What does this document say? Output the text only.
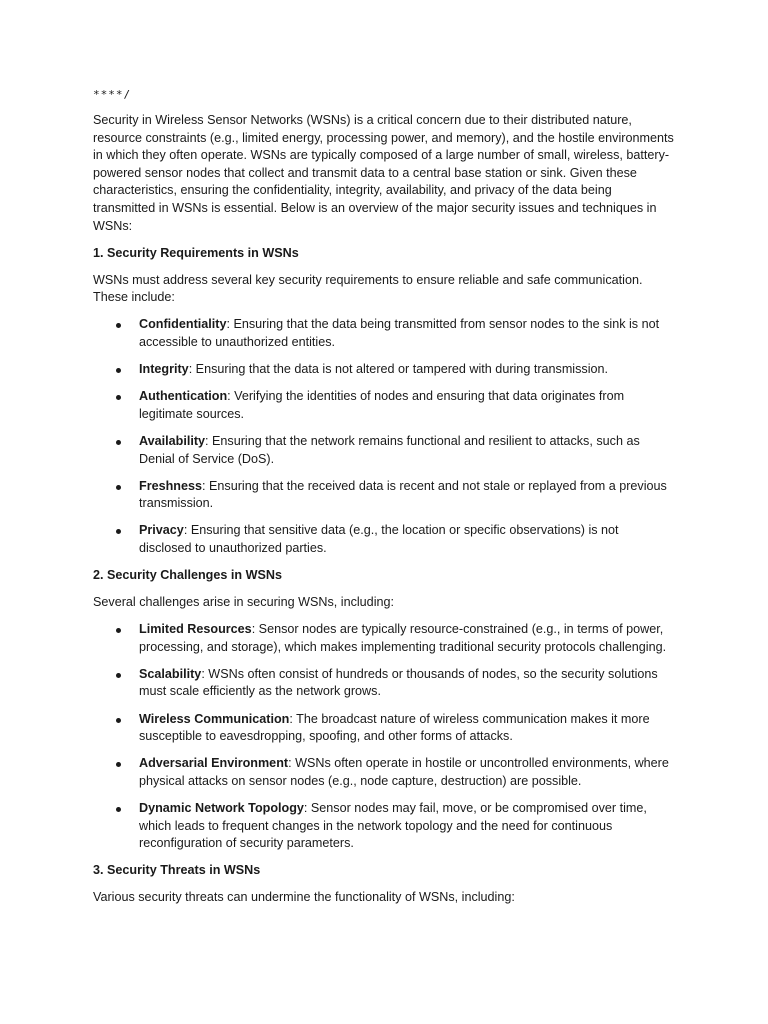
****/

Security in Wireless Sensor Networks (WSNs) is a critical concern due to their distributed nature, resource constraints (e.g., limited energy, processing power, and memory), and the hostile environments in which they often operate. WSNs are typically composed of a large number of small, wireless, battery-powered sensor nodes that collect and transmit data to a central base station or sink. Given these characteristics, ensuring the confidentiality, integrity, availability, and privacy of the data being transmitted in WSNs is essential. Below is an overview of the major security issues and techniques in WSNs:

1. Security Requirements in WSNs

WSNs must address several key security requirements to ensure reliable and safe communication. These include:

Confidentiality: Ensuring that the data being transmitted from sensor nodes to the sink is not accessible to unauthorized entities.
Integrity: Ensuring that the data is not altered or tampered with during transmission.
Authentication: Verifying the identities of nodes and ensuring that data originates from legitimate sources.
Availability: Ensuring that the network remains functional and resilient to attacks, such as Denial of Service (DoS).
Freshness: Ensuring that the received data is recent and not stale or replayed from a previous transmission.
Privacy: Ensuring that sensitive data (e.g., the location or specific observations) is not disclosed to unauthorized parties.
2. Security Challenges in WSNs

Several challenges arise in securing WSNs, including:

Limited Resources: Sensor nodes are typically resource-constrained (e.g., in terms of power, processing, and storage), which makes implementing traditional security protocols challenging.
Scalability: WSNs often consist of hundreds or thousands of nodes, so the security solutions must scale efficiently as the network grows.
Wireless Communication: The broadcast nature of wireless communication makes it more susceptible to eavesdropping, spoofing, and other forms of attacks.
Adversarial Environment: WSNs often operate in hostile or uncontrolled environments, where physical attacks on sensor nodes (e.g., node capture, destruction) are possible.
Dynamic Network Topology: Sensor nodes may fail, move, or be compromised over time, which leads to frequent changes in the network topology and the need for continuous reconfiguration of security parameters.
3. Security Threats in WSNs

Various security threats can undermine the functionality of WSNs, including:
